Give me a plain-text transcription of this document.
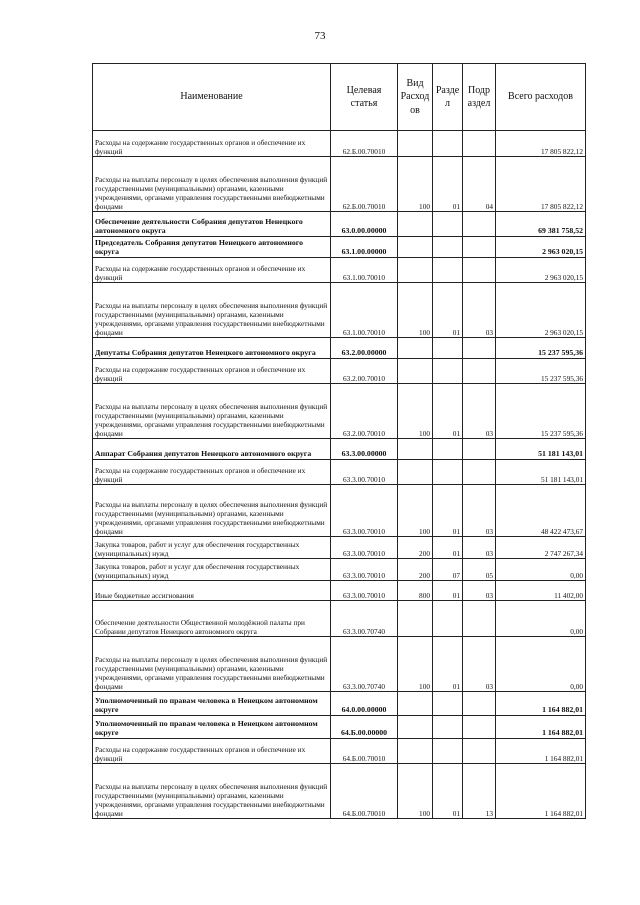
73
Наименование	Целевая статья	Вид Расход ов	Разде л	Подр аздел	Всего расходов
Расходы на содержание государственных органов и обеспечение их функций	62.Б.00.70010				17 805 822,12
Расходы на выплаты персоналу в целях обеспечения выполнения функций государственными (муниципальными) органами, казенными учреждениями, органами управления государственными внебюджетными фондами	62.Б.00.70010	100	01	04	17 805 822,12
Обеспечение деятельности Собрания депутатов Ненецкого автономного округа	63.0.00.00000				69 381 758,52
Председатель Собрания депутатов Ненецкого автономного округа	63.1.00.00000				2 963 020,15
Расходы на содержание государственных органов и обеспечение их функций	63.1.00.70010				2 963 020,15
Расходы на выплаты персоналу в целях обеспечения выполнения функций государственными (муниципальными) органами, казенными учреждениями, органами управления государственными внебюджетными фондами	63.1.00.70010	100	01	03	2 963 020,15
Депутаты Собрания депутатов Ненецкого автономного округа	63.2.00.00000				15 237 595,36
Расходы на содержание государственных органов и обеспечение их функций	63.2.00.70010				15 237 595,36
Расходы на выплаты персоналу в целях обеспечения выполнения функций государственными (муниципальными) органами, казенными учреждениями, органами управления государственными внебюджетными фондами	63.2.00.70010	100	01	03	15 237 595,36
Аппарат Собрания депутатов Ненецкого автономного округа	63.3.00.00000				51 181 143,01
Расходы на содержание государственных органов и обеспечение их функций	63.3.00.70010				51 181 143,01
Расходы на выплаты персоналу в целях обеспечения выполнения функций государственными (муниципальными) органами, казенными учреждениями, органами управления государственными внебюджетными фондами	63.3.00.70010	100	01	03	48 422 473,67
Закупка товаров, работ и услуг для обеспечения государственных (муниципальных) нужд	63.3.00.70010	200	01	03	2 747 267,34
Закупка товаров, работ и услуг для обеспечения государственных (муниципальных) нужд	63.3.00.70010	200	07	05	0,00
Иные бюджетные ассигнования	63.3.00.70010	800	01	03	11 402,00
Обеспечение деятельности Общественной молодёжной палаты при Собрании депутатов Ненецкого автономного округа	63.3.00.70740				0,00
Расходы на выплаты персоналу в целях обеспечения выполнения функций государственными (муниципальными) органами, казенными учреждениями, органами управления государственными внебюджетными фондами	63.3.00.70740	100	01	03	0,00
Уполномоченный по правам человека в Ненецком автономном округе	64.0.00.00000				1 164 882,01
Уполномоченный по правам человека в Ненецком автономном округе	64.Б.00.00000				1 164 882,01
Расходы на содержание государственных органов и обеспечение их функций	64.Б.00.70010				1 164 882,01
Расходы на выплаты персоналу в целях обеспечения выполнения функций государственными (муниципальными) органами, казенными учреждениями, органами управления государственными внебюджетными фондами	64.Б.00.70010	100	01	13	1 164 882,01
